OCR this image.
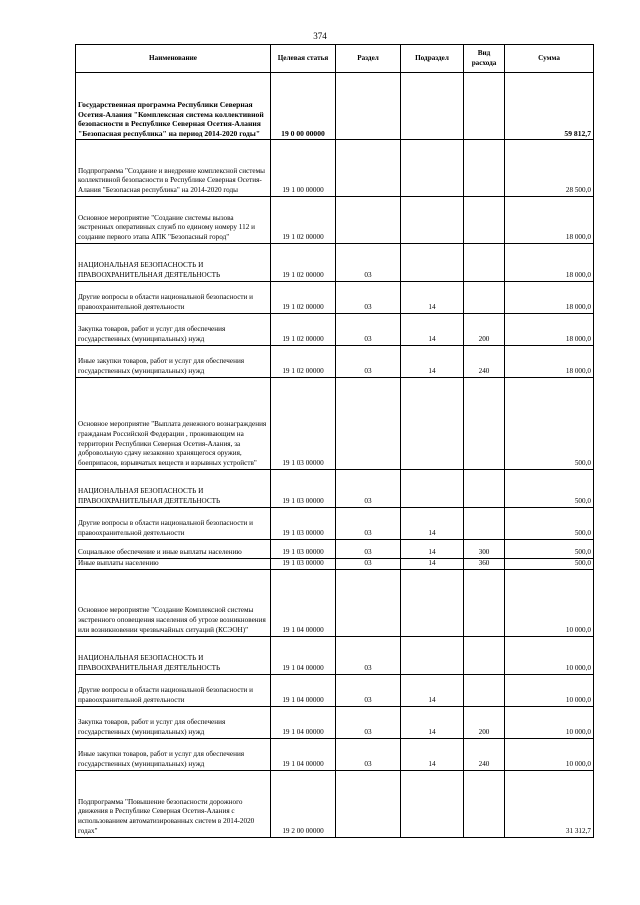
374
Наименование	Целевая статья	Раздел	Подраздел	Вид расхода	Сумма
Государственная программа Республики Северная Осетия-Алания "Комплексная система коллективной безопасности в Республике Северная Осетия-Алания "Безопасная республика" на период 2014-2020 годы"	19 0 00 00000				59 812,7
Подпрограмма "Создание и внедрение комплексной системы коллективной безопасности в Республике Северная Осетия-Алания "Безопасная республика" на 2014-2020 годы	19 1 00 00000				28 500,0
Основное мероприятие "Создание системы вызова экстренных оперативных служб по единому номеру 112 и создание первого этапа АПК "Безопасный город"	19 1 02 00000				18 000,0
НАЦИОНАЛЬНАЯ БЕЗОПАСНОСТЬ И ПРАВООХРАНИТЕЛЬНАЯ ДЕЯТЕЛЬНОСТЬ	19 1 02 00000	03			18 000,0
Другие вопросы в области национальной безопасности и правоохранительной деятельности	19 1 02 00000	03	14		18 000,0
Закупка товаров, работ и услуг для обеспечения государственных (муниципальных) нужд	19 1 02 00000	03	14	200	18 000,0
Иные закупки товаров, работ и услуг для обеспечения государственных (муниципальных) нужд	19 1 02 00000	03	14	240	18 000,0
Основное мероприятие "Выплата денежного вознаграждения гражданам Российской Федерации , проживающим на территории Республики Северная Осетия-Алания, за добровольную сдачу незаконно хранящегося оружия, боеприпасов, взрывчатых веществ и взрывных устройств"	19 1 03 00000				500,0
НАЦИОНАЛЬНАЯ БЕЗОПАСНОСТЬ И ПРАВООХРАНИТЕЛЬНАЯ ДЕЯТЕЛЬНОСТЬ	19 1 03 00000	03			500,0
Другие вопросы в области национальной безопасности и правоохранительной деятельности	19 1 03 00000	03	14		500,0
Социальное обеспечение и иные выплаты населению	19 1 03 00000	03	14	300	500,0
Иные выплаты населению	19 1 03 00000	03	14	360	500,0
Основное мероприятие "Создание Комплексной системы экстренного оповещения населения об угрозе возникновения или возникновении чрезвычайных ситуаций (КСЭОН)"	19 1 04 00000				10 000,0
НАЦИОНАЛЬНАЯ БЕЗОПАСНОСТЬ И ПРАВООХРАНИТЕЛЬНАЯ ДЕЯТЕЛЬНОСТЬ	19 1 04 00000	03			10 000,0
Другие вопросы в области национальной безопасности и правоохранительной деятельности	19 1 04 00000	03	14		10 000,0
Закупка товаров, работ и услуг для обеспечения государственных (муниципальных) нужд	19 1 04 00000	03	14	200	10 000,0
Иные закупки товаров, работ и услуг для обеспечения государственных (муниципальных) нужд	19 1 04 00000	03	14	240	10 000,0
Подпрограмма "Повышение безопасности дорожного движения в Республике Северная Осетия-Алания с использованием автоматизированных систем в 2014-2020 годах"	19 2 00 00000				31 312,7
